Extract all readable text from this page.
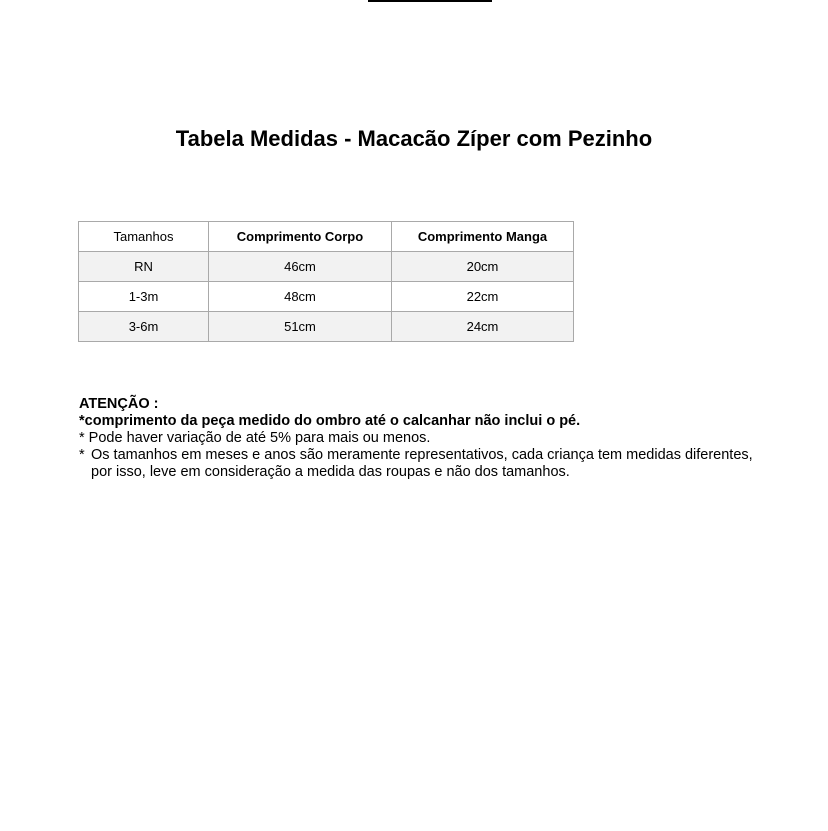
Tabela Medidas - Macacão Zíper com Pezinho
Tamanhos	Comprimento Corpo	Comprimento Manga
RN	46cm	20cm
1-3m	48cm	22cm
3-6m	51cm	24cm
ATENÇÃO :
*comprimento da peça medido do ombro até o calcanhar não inclui o pé.
* Pode haver variação de até 5% para mais ou menos.
* Os tamanhos em meses e anos são meramente representativos, cada criança tem medidas diferentes, por isso, leve em consideração a medida das roupas e não dos tamanhos.
